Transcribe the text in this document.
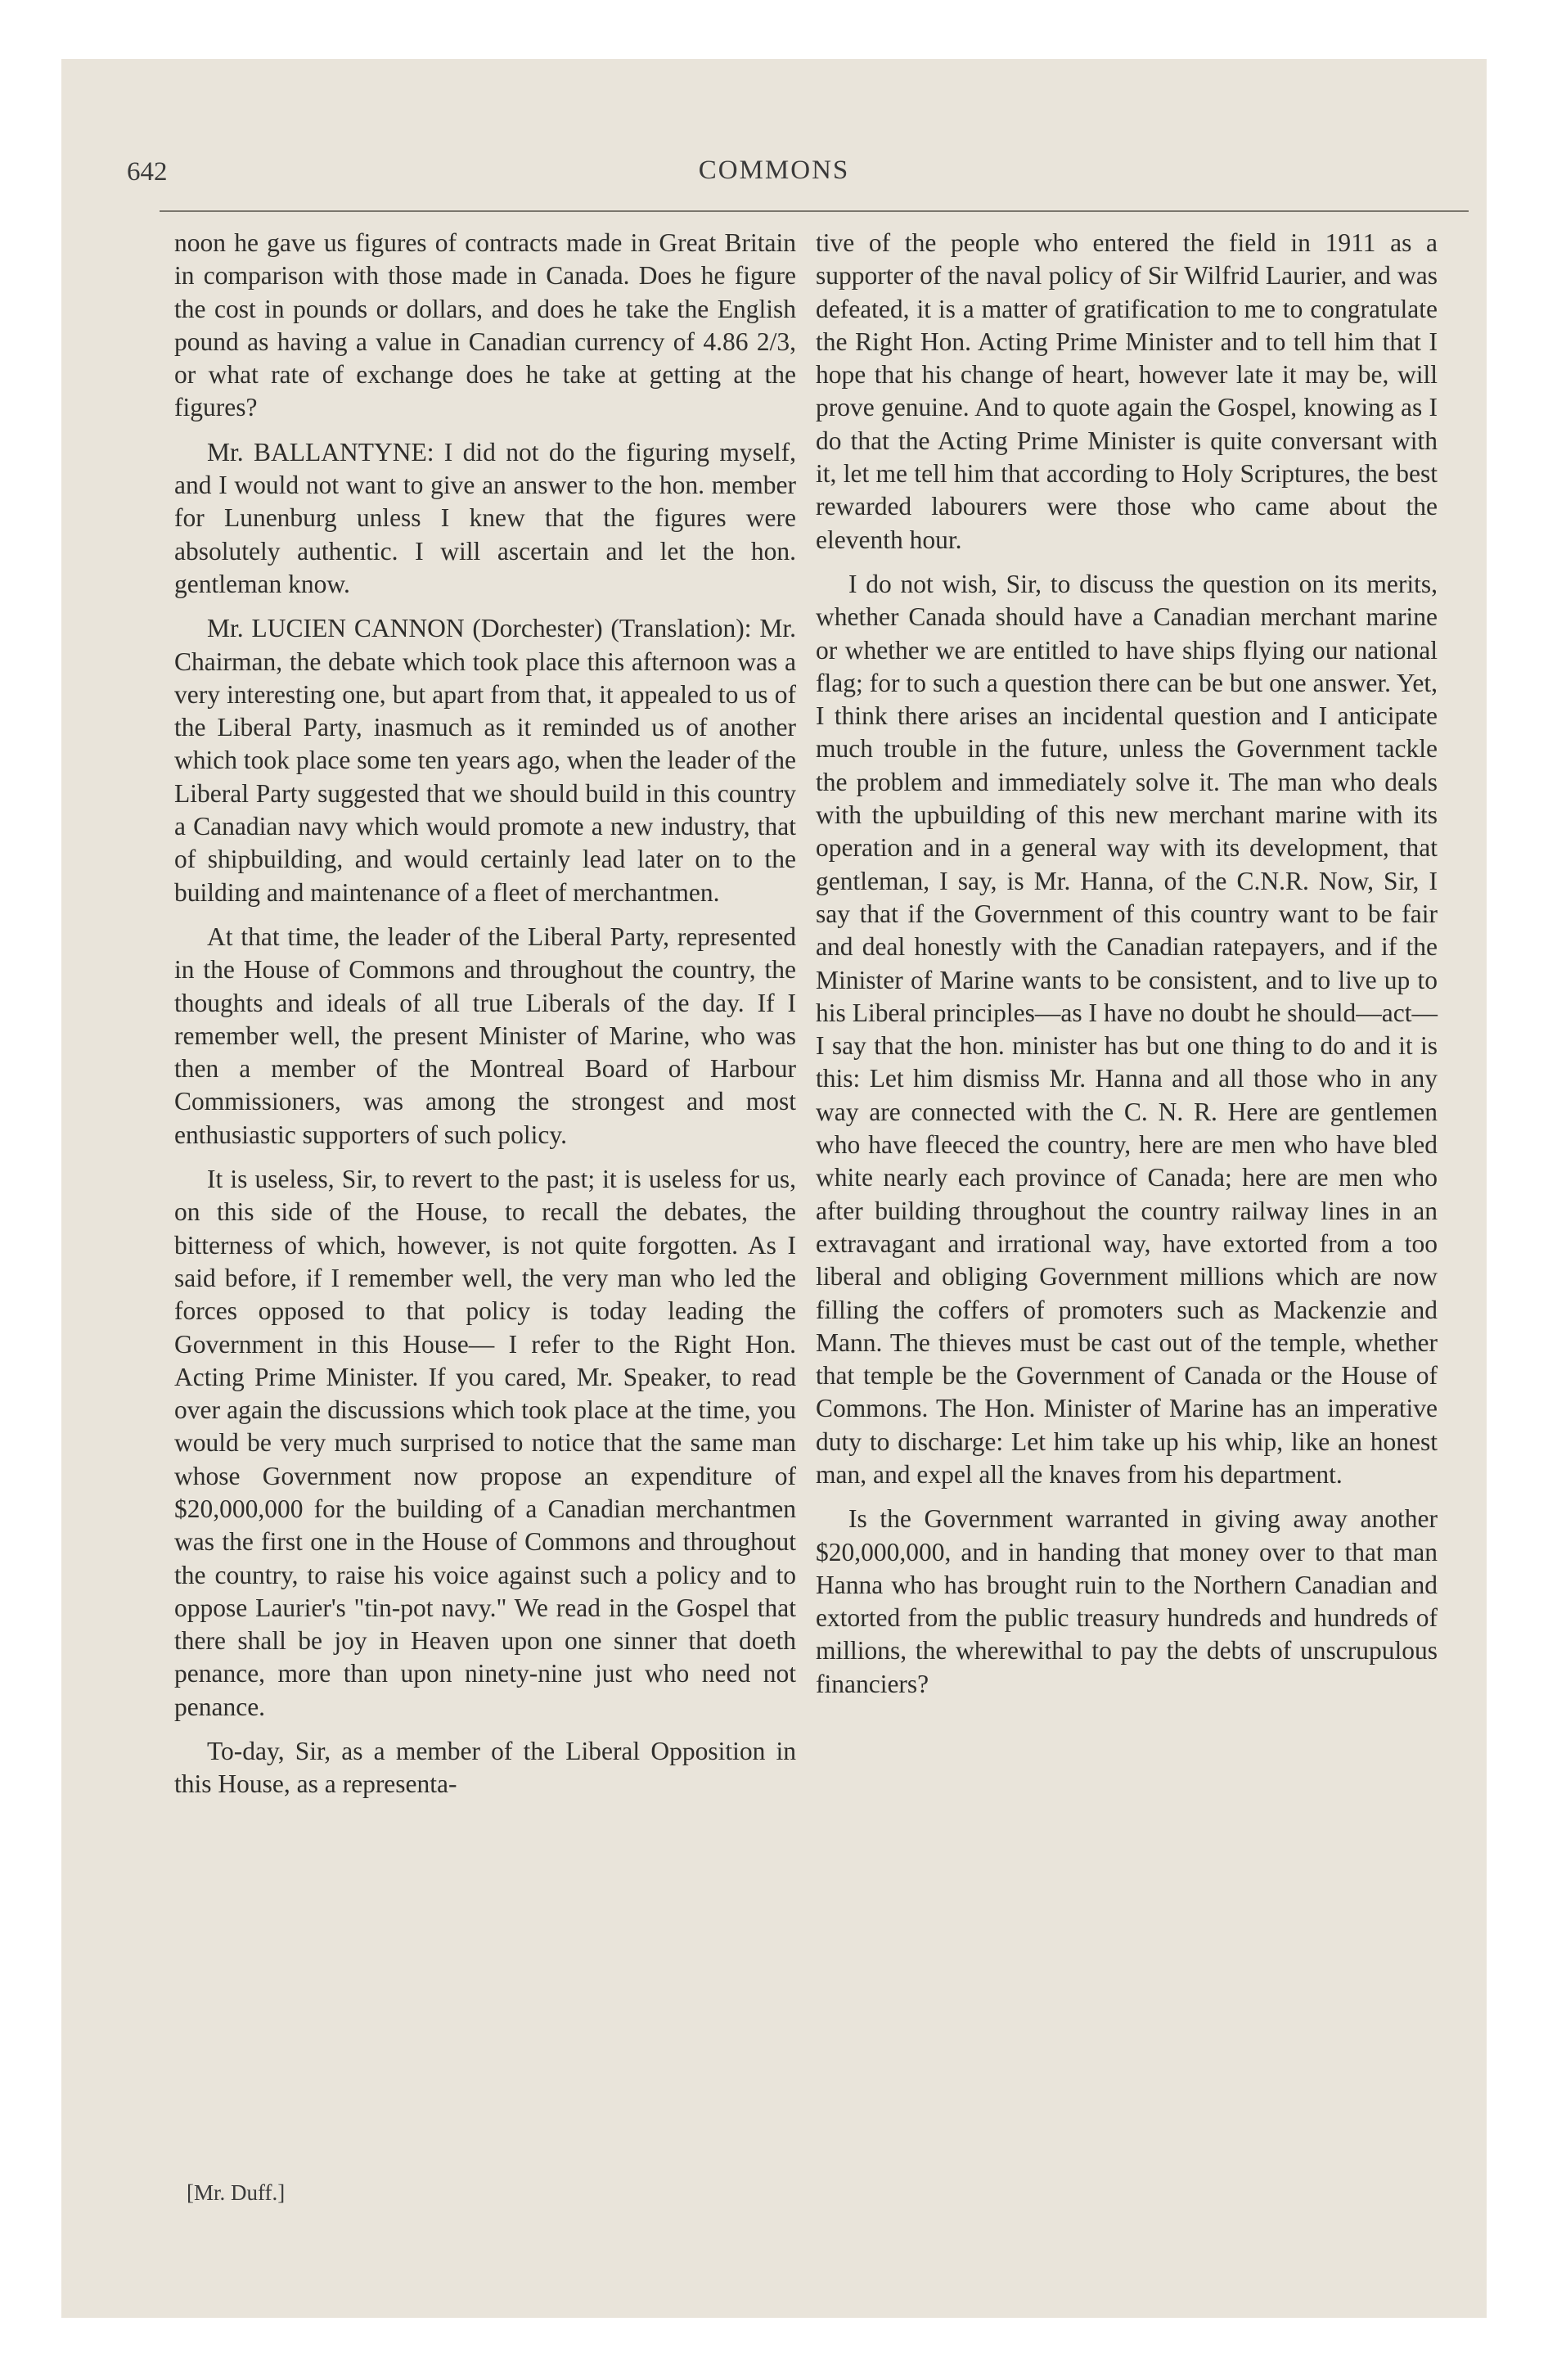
642	COMMONS

noon he gave us figures of contracts made in Great Britain in comparison with those made in Canada. Does he figure the cost in pounds or dollars, and does he take the English pound as having a value in Canadian currency of 4.86 2/3, or what rate of exchange does he take at getting at the figures?

Mr. BALLANTYNE: I did not do the figuring myself, and I would not want to give an answer to the hon. member for Lunenburg unless I knew that the figures were absolutely authentic. I will ascertain and let the hon. gentleman know.

Mr. LUCIEN CANNON (Dorchester) (Translation): Mr. Chairman, the debate which took place this afternoon was a very interesting one, but apart from that, it appealed to us of the Liberal Party, inasmuch as it reminded us of another which took place some ten years ago, when the leader of the Liberal Party suggested that we should build in this country a Canadian navy which would promote a new industry, that of shipbuilding, and would certainly lead later on to the building and maintenance of a fleet of merchantmen.

At that time, the leader of the Liberal Party, represented in the House of Commons and throughout the country, the thoughts and ideals of all true Liberals of the day. If I remember well, the present Minister of Marine, who was then a member of the Montreal Board of Harbour Commissioners, was among the strongest and most enthusiastic supporters of such policy.

It is useless, Sir, to revert to the past; it is useless for us, on this side of the House, to recall the debates, the bitterness of which, however, is not quite forgotten. As I said before, if I remember well, the very man who led the forces opposed to that policy is today leading the Government in this House— I refer to the Right Hon. Acting Prime Minister. If you cared, Mr. Speaker, to read over again the discussions which took place at the time, you would be very much surprised to notice that the same man whose Government now propose an expenditure of $20,000,000 for the building of a Canadian merchantmen was the first one in the House of Commons and throughout the country, to raise his voice against such a policy and to oppose Laurier's "tin-pot navy." We read in the Gospel that there shall be joy in Heaven upon one sinner that doeth penance, more than upon ninety-nine just who need not penance.

To-day, Sir, as a member of the Liberal Opposition in this House, as a representa-

tive of the people who entered the field in 1911 as a supporter of the naval policy of Sir Wilfrid Laurier, and was defeated, it is a matter of gratification to me to congratulate the Right Hon. Acting Prime Minister and to tell him that I hope that his change of heart, however late it may be, will prove genuine. And to quote again the Gospel, knowing as I do that the Acting Prime Minister is quite conversant with it, let me tell him that according to Holy Scriptures, the best rewarded labourers were those who came about the eleventh hour.

I do not wish, Sir, to discuss the question on its merits, whether Canada should have a Canadian merchant marine or whether we are entitled to have ships flying our national flag; for to such a question there can be but one answer. Yet, I think there arises an incidental question and I anticipate much trouble in the future, unless the Government tackle the problem and immediately solve it. The man who deals with the upbuilding of this new merchant marine with its operation and in a general way with its development, that gentleman, I say, is Mr. Hanna, of the C.N.R. Now, Sir, I say that if the Government of this country want to be fair and deal honestly with the Canadian ratepayers, and if the Minister of Marine wants to be consistent, and to live up to his Liberal principles—as I have no doubt he should—act— I say that the hon. minister has but one thing to do and it is this: Let him dismiss Mr. Hanna and all those who in any way are connected with the C. N. R. Here are gentlemen who have fleeced the country, here are men who have bled white nearly each province of Canada; here are men who after building throughout the country railway lines in an extravagant and irrational way, have extorted from a too liberal and obliging Government millions which are now filling the coffers of promoters such as Mackenzie and Mann. The thieves must be cast out of the temple, whether that temple be the Government of Canada or the House of Commons. The Hon. Minister of Marine has an imperative duty to discharge: Let him take up his whip, like an honest man, and expel all the knaves from his department.

Is the Government warranted in giving away another $20,000,000, and in handing that money over to that man Hanna who has brought ruin to the Northern Canadian and extorted from the public treasury hundreds and hundreds of millions, the wherewithal to pay the debts of unscrupulous financiers?

[Mr. Duff.]
